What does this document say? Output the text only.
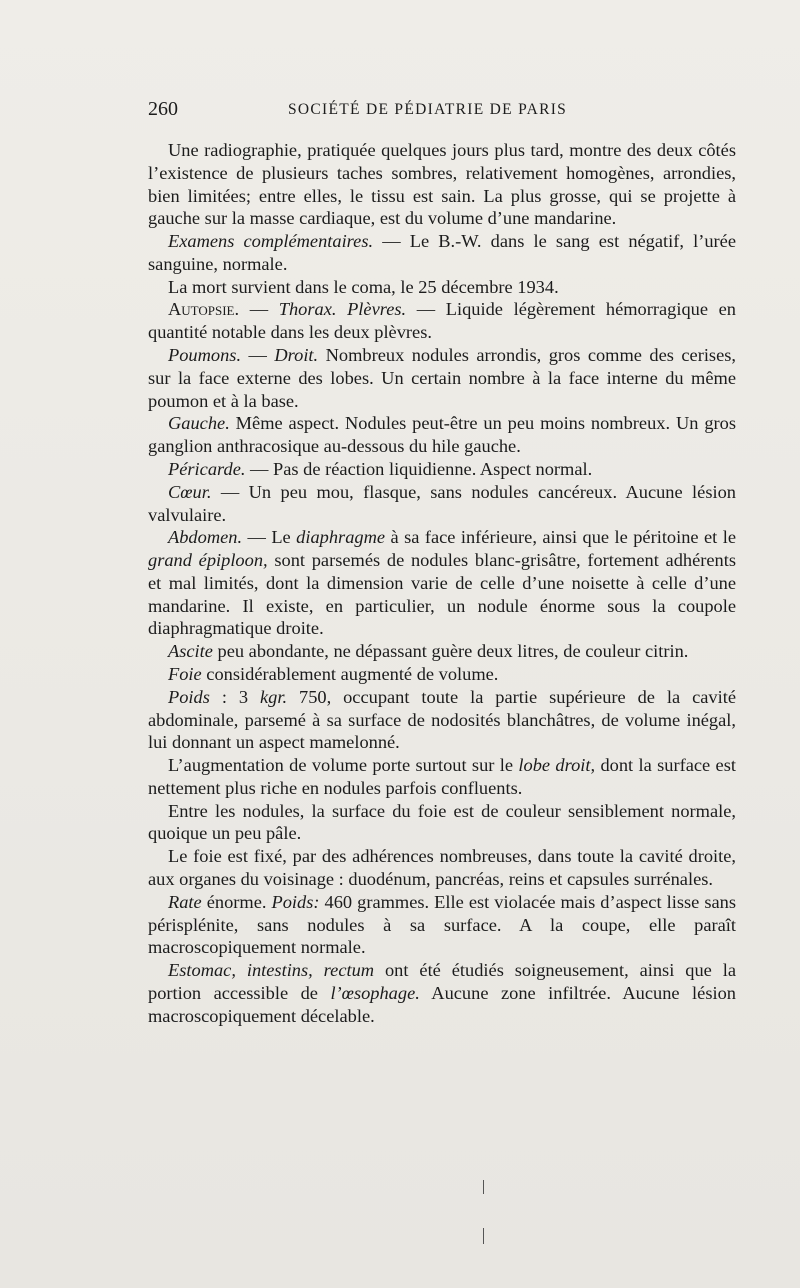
260	SOCIÉTÉ DE PÉDIATRIE DE PARIS

Une radiographie, pratiquée quelques jours plus tard, montre des deux côtés l’existence de plusieurs taches sombres, relativement homogènes, arrondies, bien limitées; entre elles, le tissu est sain. La plus grosse, qui se projette à gauche sur la masse cardiaque, est du volume d’une mandarine.

Examens complémentaires. — Le B.-W. dans le sang est négatif, l’urée sanguine, normale.

La mort survient dans le coma, le 25 décembre 1934.

Autopsie. — Thorax. Plèvres. — Liquide légèrement hémorragique en quantité notable dans les deux plèvres.

Poumons. — Droit. Nombreux nodules arrondis, gros comme des cerises, sur la face externe des lobes. Un certain nombre à la face interne du même poumon et à la base.

Gauche. Même aspect. Nodules peut-être un peu moins nombreux. Un gros ganglion anthracosique au-dessous du hile gauche.

Péricarde. — Pas de réaction liquidienne. Aspect normal.

Cœur. — Un peu mou, flasque, sans nodules cancéreux. Aucune lésion valvulaire.

Abdomen. — Le diaphragme à sa face inférieure, ainsi que le péritoine et le grand épiploon, sont parsemés de nodules blanc-grisâtre, fortement adhérents et mal limités, dont la dimension varie de celle d’une noisette à celle d’une mandarine. Il existe, en particulier, un nodule énorme sous la coupole diaphragmatique droite.

Ascite peu abondante, ne dépassant guère deux litres, de couleur citrin.

Foie considérablement augmenté de volume.

Poids : 3 kgr. 750, occupant toute la partie supérieure de la cavité abdominale, parsemé à sa surface de nodosités blanchâtres, de volume inégal, lui donnant un aspect mamelonné.

L’augmentation de volume porte surtout sur le lobe droit, dont la surface est nettement plus riche en nodules parfois confluents.

Entre les nodules, la surface du foie est de couleur sensiblement normale, quoique un peu pâle.

Le foie est fixé, par des adhérences nombreuses, dans toute la cavité droite, aux organes du voisinage : duodénum, pancréas, reins et capsules surrénales.

Rate énorme. Poids: 460 grammes. Elle est violacée mais d’aspect lisse sans périsplénite, sans nodules à sa surface. A la coupe, elle paraît macroscopiquement normale.

Estomac, intestins, rectum ont été étudiés soigneusement, ainsi que la portion accessible de l’œsophage. Aucune zone infiltrée. Aucune lésion macroscopiquement décelable.
